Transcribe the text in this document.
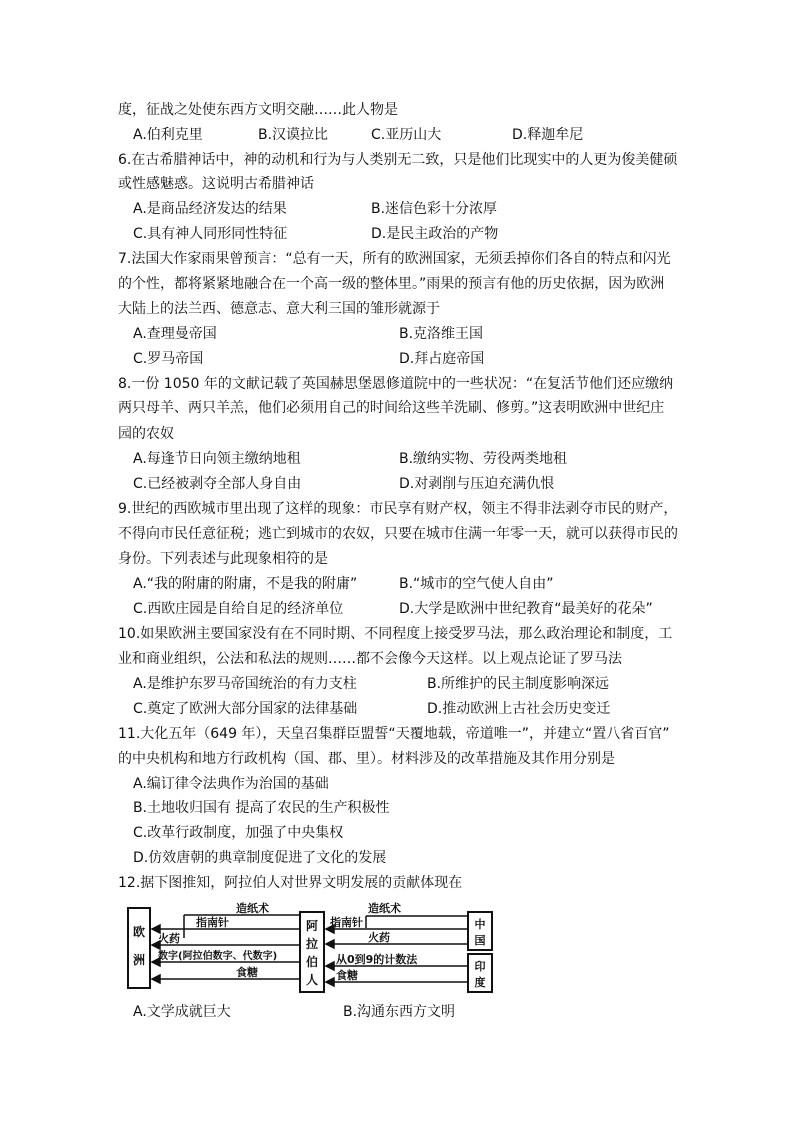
度，征战之处使东西方文明交融……此人物是
A.伯利克里	B.汉谟拉比	C.亚历山大	D.释迦牟尼
6.在古希腊神话中，神的动机和行为与人类别无二致，只是他们比现实中的人更为俊美健硕
或性感魅惑。这说明古希腊神话
A.是商品经济发达的结果	B.迷信色彩十分浓厚
C.具有神人同形同性特征	D.是民主政治的产物
7.法国大作家雨果曾预言：“总有一天，所有的欧洲国家，无须丢掉你们各自的特点和闪光
的个性，都将紧紧地融合在一个高一级的整体里。”雨果的预言有他的历史依据，因为欧洲
大陆上的法兰西、德意志、意大利三国的雏形就源于
A.查理曼帝国	B.克洛维王国
C.罗马帝国	D.拜占庭帝国
8.一份 1050 年的文献记载了英国赫思堡恩修道院中的一些状况：“在复活节他们还应缴纳
两只母羊、两只羊羔，他们必须用自己的时间给这些羊洗刷、修剪。”这表明欧洲中世纪庄
园的农奴
A.每逢节日向领主缴纳地租	B.缴纳实物、劳役两类地租
C.已经被剥夺全部人身自由	D.对剥削与压迫充满仇恨
9.世纪的西欧城市里出现了这样的现象：市民享有财产权，领主不得非法剥夺市民的财产，
不得向市民任意征税；逃亡到城市的农奴，只要在城市住满一年零一天，就可以获得市民的
身份。下列表述与此现象相符的是
A.“我的附庸的附庸，不是我的附庸”	B.“城市的空气使人自由”
C.西欧庄园是自给自足的经济单位	D.大学是欧洲中世纪教育“最美好的花朵”
10.如果欧洲主要国家没有在不同时期、不同程度上接受罗马法，那么政治理论和制度，工
业和商业组织，公法和私法的规则……都不会像今天这样。以上观点论证了罗马法
A.是维护东罗马帝国统治的有力支柱	B.所维护的民主制度影响深远
C.奠定了欧洲大部分国家的法律基础	D.推动欧洲上古社会历史变迁
11.大化五年（649 年），天皇召集群臣盟誓“天覆地载，帝道唯一”，并建立“置八省百官”
的中央机构和地方行政机构（国、郡、里）。材料涉及的改革措施及其作用分别是
A.编订律令法典作为治国的基础
B.土地收归国有 提高了农民的生产积极性
C.改革行政制度，加强了中央集权
D.仿效唐朝的典章制度促进了文化的发展
12.据下图推知，阿拉伯人对世界文明发展的贡献体现在
欧
洲
阿
拉
伯
人
中
国
印
度
造纸术
指南针
火药
数字(阿拉伯数字、代数字)
食糖
造纸术
指南针
火药
从0到9的计数法
食糖
A.文学成就巨大	B.沟通东西方文明
